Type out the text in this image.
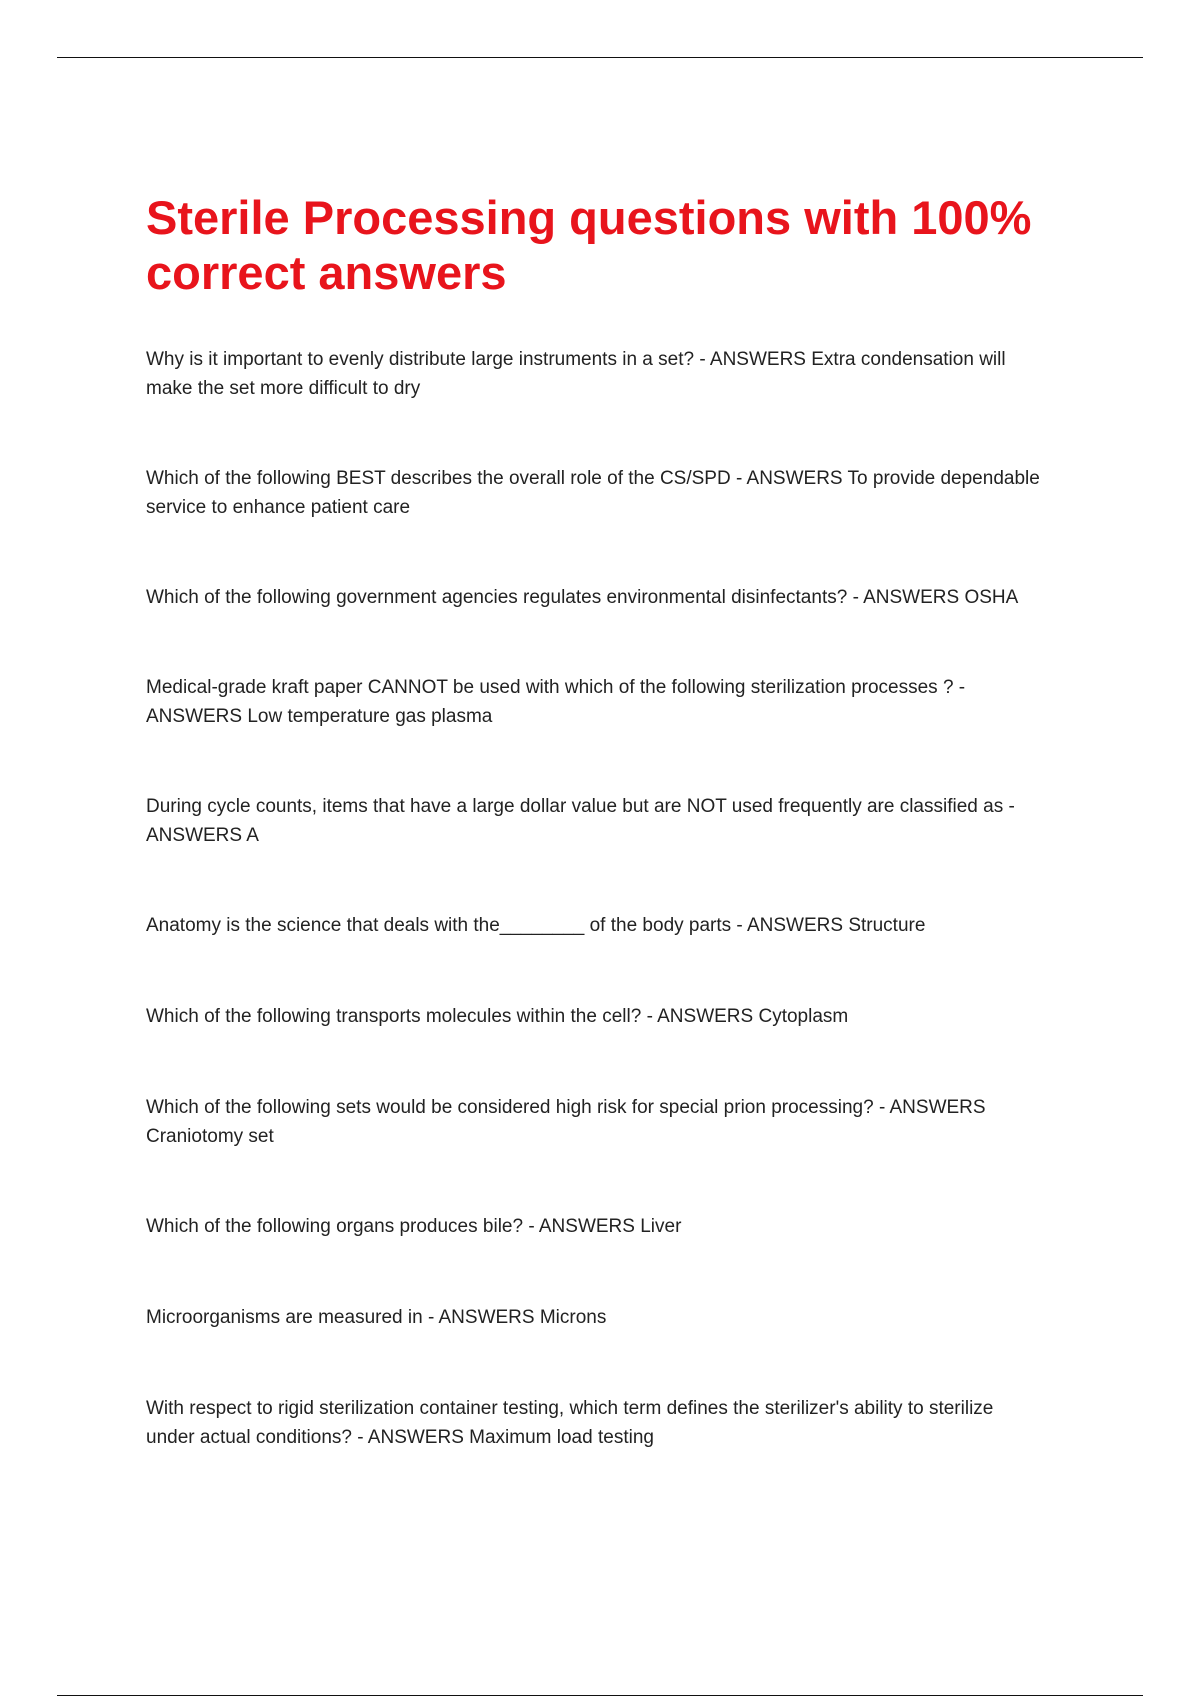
Sterile Processing questions with 100% correct answers
Why is it important to evenly distribute large instruments in a set? - ANSWERS Extra condensation will make the set more difficult to dry
Which of the following BEST describes the overall role of the CS/SPD - ANSWERS To provide dependable service to enhance patient care
Which of the following government agencies regulates environmental disinfectants? - ANSWERS OSHA
Medical-grade kraft paper CANNOT be used with which of the following sterilization processes ? - ANSWERS Low temperature gas plasma
During cycle counts, items that have a large dollar value but are NOT used frequently are classified as - ANSWERS A
Anatomy is the science that deals with the________ of the body parts - ANSWERS Structure
Which of the following transports molecules within the cell? - ANSWERS Cytoplasm
Which of the following sets would be considered high risk for special prion processing? - ANSWERS Craniotomy set
Which of the following organs produces bile? - ANSWERS Liver
Microorganisms are measured in - ANSWERS Microns
With respect to rigid sterilization container testing, which term defines the sterilizer's ability to sterilize under actual conditions? - ANSWERS Maximum load testing
